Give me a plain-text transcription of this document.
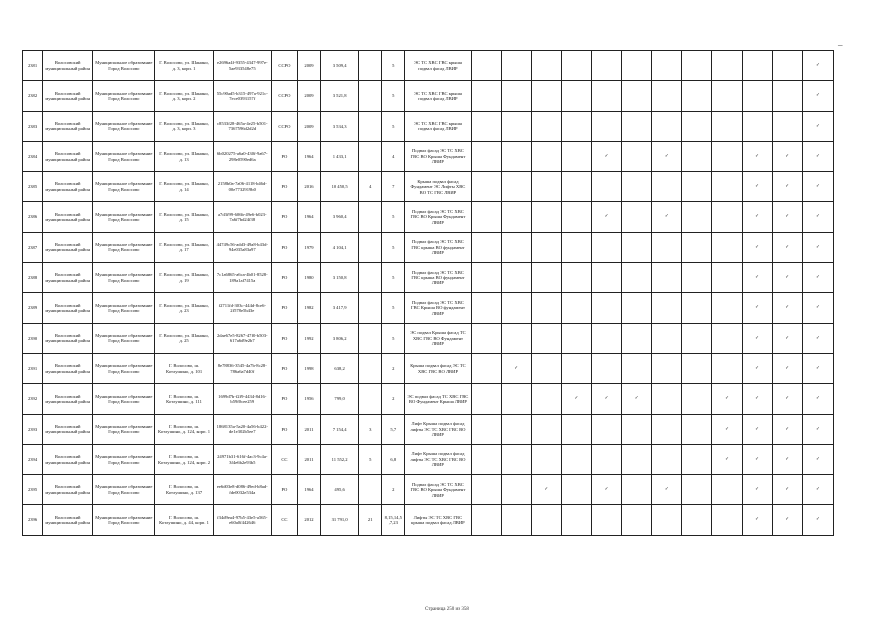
–
2381	Волосовский муниципальный район	Муниципальное образование Город Волосово	Г. Волосово, ул. Шанино, д. 3, корп. 1	e2696a4f-9355-4347-997e-5ae933548e75	ССРО	2009	3 509,4		5	ЭС ТС ХВС ГВС крыша подвал фасад ЛВИР												✓
2382	Волосовский муниципальный район	Муниципальное образование Город Волосово	Г. Волосово, ул. Шанино, д. 3, корп. 2	55c90ad5-b315-497a-921c-7ece0393157f	ССРО	2009	3 521,8		5	ЭС ТС ХВС ГВС крыша подвал фасад ЛВИР												✓
2383	Волосовский муниципальный район	Муниципальное образование Город Волосово	Г. Волосово, ул. Шанино, д. 3, корп. 3	c8533f28-465a-4e25-b501-7367596d2d2d	ССРО	2009	3 534,3		5	ЭС ТС ХВС ГВС крыша подвал фасад ЛВИР												✓
2384	Волосовский муниципальный район	Муниципальное образование Город Волосово	Г. Волосово, ул. Шанино, д. 13	6b020275-a6a0-430f-9a67-298e0590ed6a	РО	1964	1 433,1		4	Подвал фасад ЭС ТС ХВС ГВС ВО Крыша Фундамент ЛВИР					✓		✓			✓	✓	✓
2385	Волосовский муниципальный район	Муниципальное образование Город Волосово	Г. Волосово, ул. Шанино, д. 14	2158b0a-7a06-4118-b46d-00e7732919b0	РО	2016	10 450,5	4	7	Крыша подвал фасад Фундамент ЭС Лифты ХВС ВО ТС ГВС ЛВИР										✓	✓	✓
2386	Волосовский муниципальный район	Муниципальное образование Город Волосово	Г. Волосово, ул. Шанино, д. 15	a7d3f99-606b-49e6-b023-7a6f7bd24f38	РО	1964	3 960,4		5	Подвал фасад ЭС ТС ХВС ГВС ВО Крыша Фундамент ЛВИР					✓		✓			✓	✓	✓
2387	Волосовский муниципальный район	Муниципальное образование Город Волосово	Г. Волосово, ул. Шанино, д. 17	44749c56-add3-49a8-b43d-94e035a83a97	РО	1979	4 104,1		5	Подвал фасад ЭС ТС ХВС ГВС крыша ВО фундамент ЛВИР										✓	✓	✓
2388	Волосовский муниципальный район	Муниципальное образование Город Волосово	Г. Волосово, ул. Шанино, д. 19	7c1a6865-a6ca-4b01-8528-189a1af7415a	РО	1980	3 150,8		5	Подвал фасад ЭС ТС ХВС ГВС крыша ВО фундамент ЛВИР										✓	✓	✓
2389	Волосовский муниципальный район	Муниципальное образование Город Волосово	Г. Волосово, ул. Шанино, д. 23	f2711fd-303c-444d-8ce6-2f578e5b43e	РО	1982	3 417,9		5	Подвал фасад ЭС ТС ХВС ГВС Крыша ВО фундамент ЛВИР										✓	✓	✓
2390	Волосовский муниципальный район	Муниципальное образование Город Волосово	Г. Волосово, ул. Шанино, д. 25	2dae67e5-8267-47f0-b503-617a6d9e2b7	РО	1992	3 806,2		5	ЭС подвал Крыша фасад ТС ХВС ГВС ВО Фундамент ЛВИР										✓	✓	✓
2391	Волосовский муниципальный район	Муниципальное образование Город Волосово	Г. Волосово, ш. Котлушино, д. 101	8e78836-3545-4a7b-8c28-786a6a7d40f	РО	1998	638,2		2	Крыша подвал фасад ЭС ТС ХВС ГВС ВО ЛВИР		✓								✓	✓	✓
2392	Волосовский муниципальный район	Муниципальное образование Город Волосово	Г. Волосово, ш. Котлушино, д. 111	1699d7b-f2f9-4434-8d16-b59f0cee259	РО	1956	799,0		2	ЭС подвал фасад ТС ХВС ГВС ВО Фундамент Крыша ЛВИР				✓	✓	✓			✓	✓	✓	✓
2393	Волосовский муниципальный район	Муниципальное образование Город Волосово	Г. Волосово, ш. Котлушино, д. 124, корп. 1	1868135a-5a20-4a56-b422-de1e302b5ee7	РО	2011	7 154,4	3	5,7	Лифт Крыша подвал фасад лифты ЭС ТС ХВС ГВС ВО ЛВИР									✓	✓	✓	✓
2394	Волосовский муниципальный район	Муниципальное образование Город Волосово	Г. Волосово, ш. Котлушино, д. 124, корп. 2	24971b31-616f-4ac3-9c4a-3f4e6b2e93b5	СС	2011	11 552,2	5	6,8	Лифт Крыша подвал фасад лифты ЭС ТС ХВС ГВС ВО ЛВИР									✓	✓	✓	✓
2395	Волосовский муниципальный район	Муниципальное образование Город Волосово	Г. Волосово, ш. Котлушино, д. 137	ee6d03e8-d086-49ed-b8ad-fde0032e534a	РО	1964	495,6		2	Подвал фасад ЭС ТС ХВС ГВС ВО Крыша Фундамент ЛВИР			✓		✓		✓			✓	✓	✓
2396	Волосовский муниципальный район	Муниципальное образование Город Волосово	Г. Волосово, ш. Котлушино, д. 44, корп. 1	f34d9ea4-97b5-43e5-a565-e60a0f442646	СС	2012	31 791,0	21	8,15,14,5,7,23	Лифты ЭС ТС ХВС ГВС крыша подвал фасад ЛВИР										✓	✓	✓
Страница 250 из 358
